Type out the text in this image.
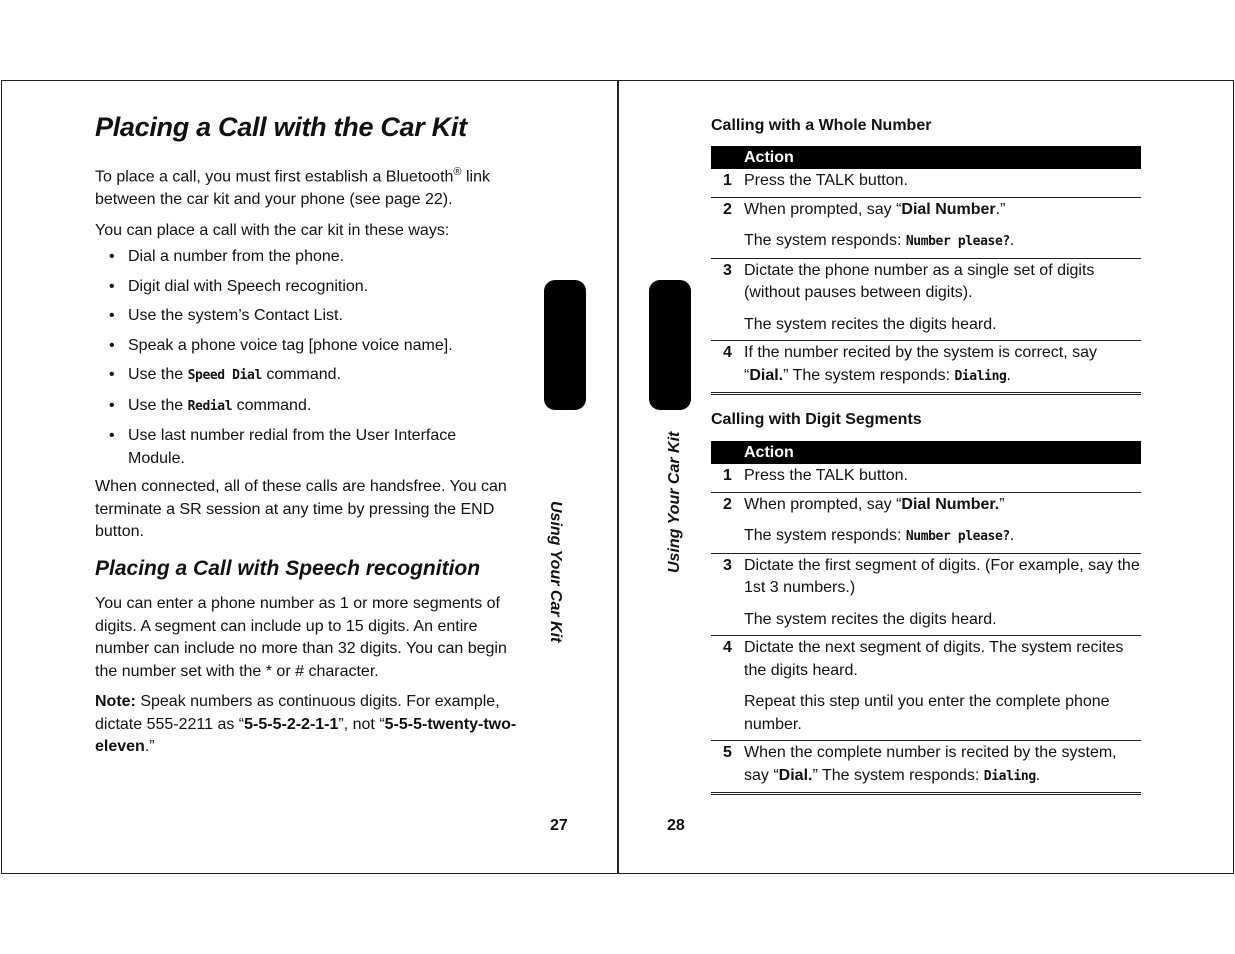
Placing a Call with the Car Kit

To place a call, you must first establish a Bluetooth® link between the car kit and your phone (see page 22).

You can place a call with the car kit in these ways:

• Dial a number from the phone.
• Digit dial with Speech recognition.
• Use the system’s Contact List.
• Speak a phone voice tag [phone voice name].
• Use the Speed Dial command.
• Use the Redial command.
• Use last number redial from the User Interface Module.

When connected, all of these calls are handsfree. You can terminate a SR session at any time by pressing the END button.

Placing a Call with Speech recognition

You can enter a phone number as 1 or more segments of digits. A segment can include up to 15 digits. An entire number can include no more than 32 digits. You can begin the number set with the * or # character.

Note: Speak numbers as continuous digits. For example, dictate 555-2211 as “5-5-5-2-2-1-1”, not “5-5-5-twenty-two-eleven.”

Using Your Car Kit
27
Using Your Car Kit
Calling with a Whole Number
	Action
1	Press the TALK button.
2	When prompted, say “Dial Number.”
The system responds: Number please?.

3	Dictate the phone number as a single set of digits (without pauses between digits).
The system recites the digits heard.

4	If the number recited by the system is correct, say “Dial.” The system responds: Dialing.
Calling with Digit Segments
	Action
1	Press the TALK button.
2	When prompted, say “Dial Number.”
The system responds: Number please?.

3	Dictate the first segment of digits. (For example, say the 1st 3 numbers.)
The system recites the digits heard.

4	Dictate the next segment of digits. The system recites the digits heard.
Repeat this step until you enter the complete phone number.

5	When the complete number is recited by the system, say “Dial.” The system responds: Dialing.
28
